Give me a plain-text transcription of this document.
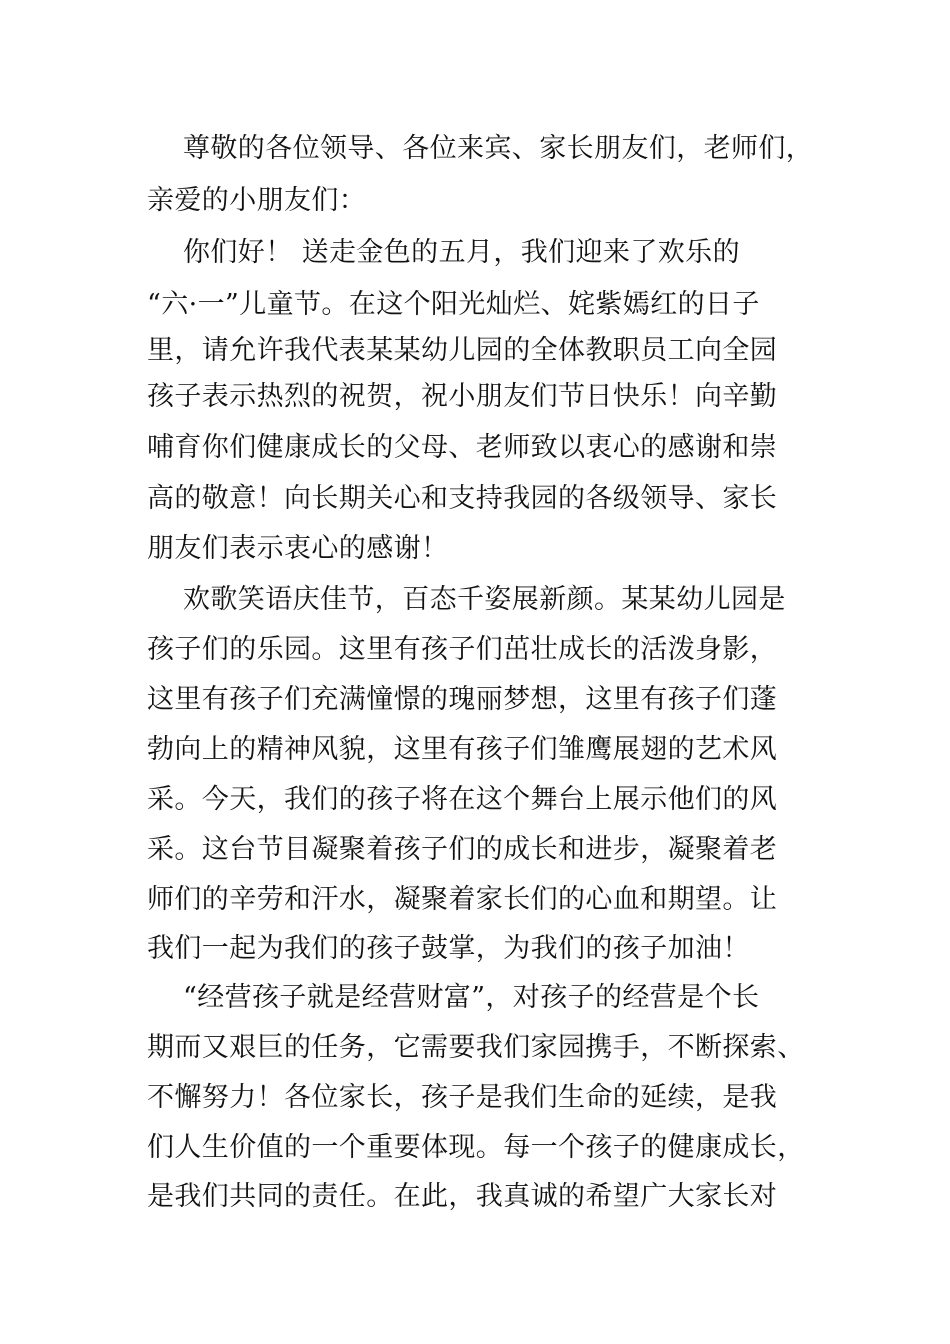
尊敬的各位领导、各位来宾、家长朋友们，老师们，

亲爱的小朋友们：

你们好！ 送走金色的五月，我们迎来了欢乐的

“六·一”儿童节。在这个阳光灿烂、姹紫嫣红的日子

里，请允许我代表某某幼儿园的全体教职员工向全园

孩子表示热烈的祝贺，祝小朋友们节日快乐！向辛勤

哺育你们健康成长的父母、老师致以衷心的感谢和崇

高的敬意！向长期关心和支持我园的各级领导、家长

朋友们表示衷心的感谢！

欢歌笑语庆佳节，百态千姿展新颜。某某幼儿园是

孩子们的乐园。这里有孩子们茁壮成长的活泼身影，

这里有孩子们充满憧憬的瑰丽梦想，这里有孩子们蓬

勃向上的精神风貌，这里有孩子们雏鹰展翅的艺术风

采。今天，我们的孩子将在这个舞台上展示他们的风

采。这台节目凝聚着孩子们的成长和进步，凝聚着老

师们的辛劳和汗水，凝聚着家长们的心血和期望。让

我们一起为我们的孩子鼓掌，为我们的孩子加油！

“经营孩子就是经营财富”，对孩子的经营是个长

期而又艰巨的任务，它需要我们家园携手，不断探索、

不懈努力！各位家长，孩子是我们生命的延续，是我

们人生价值的一个重要体现。每一个孩子的健康成长，

是我们共同的责任。在此，我真诚的希望广大家长对
